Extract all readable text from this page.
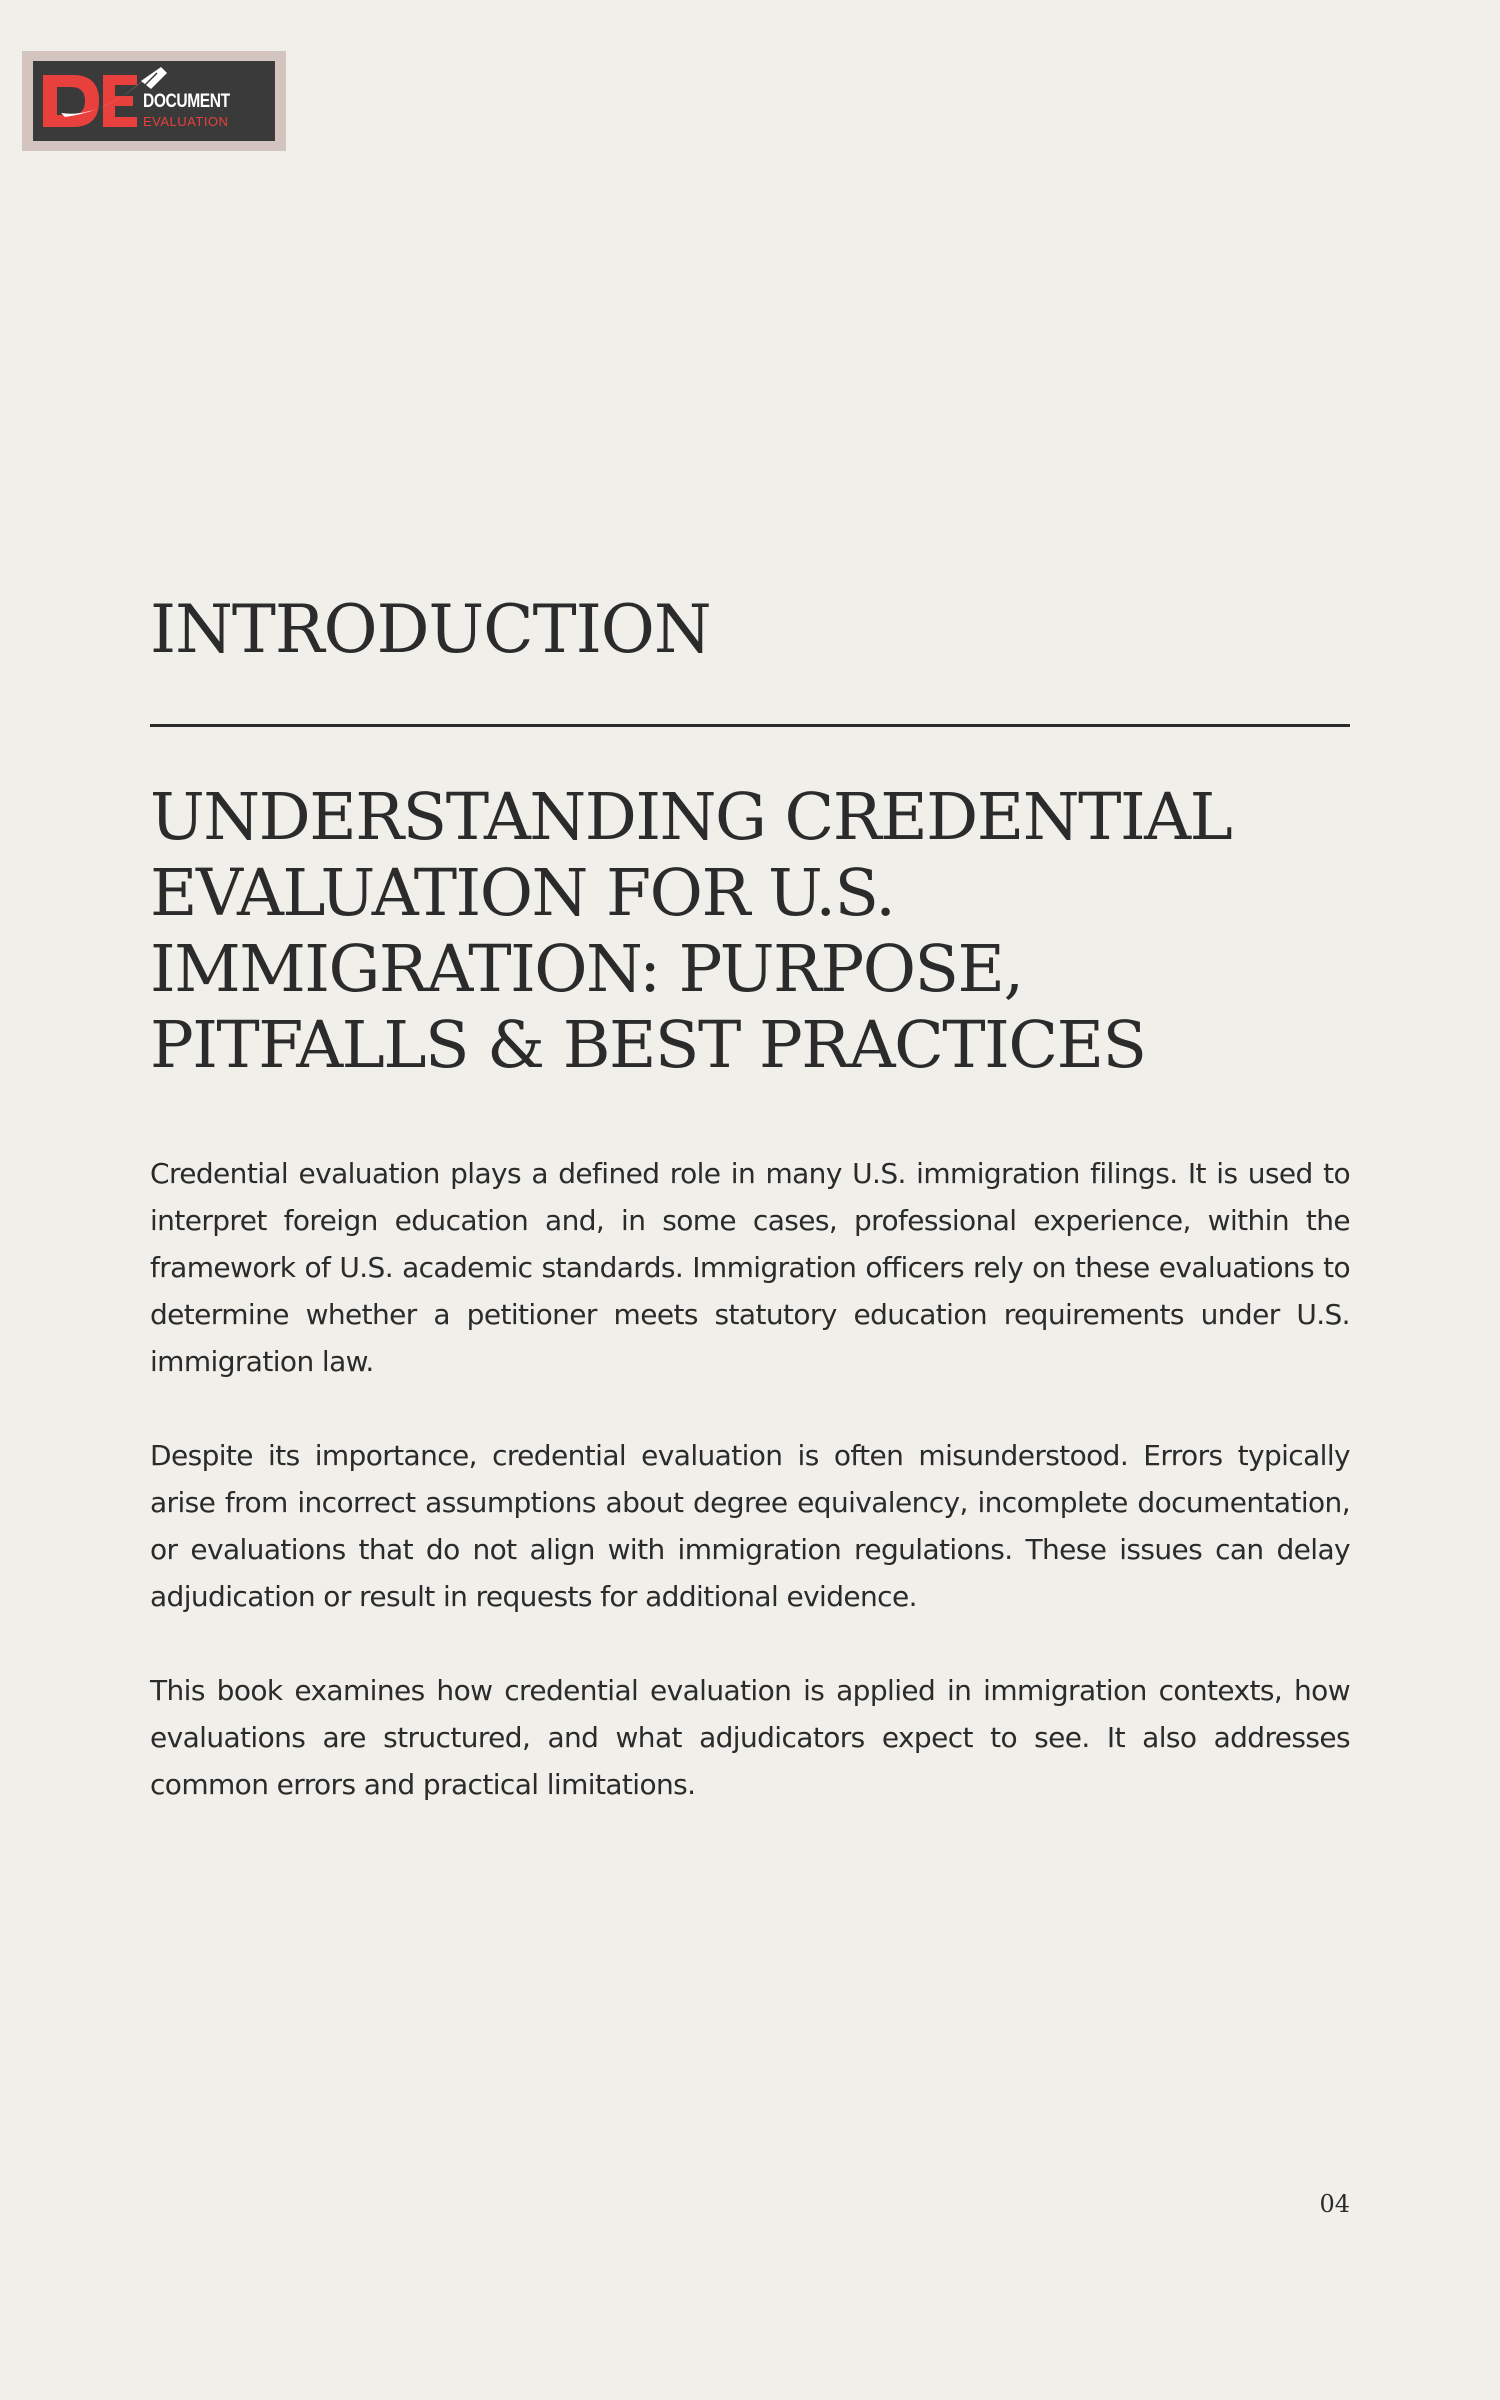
DOCUMENT
EVALUATION
INTRODUCTION
UNDERSTANDING CREDENTIAL EVALUATION FOR U.S. IMMIGRATION: PURPOSE, PITFALLS & BEST PRACTICES

Credential evaluation plays a defined role in many U.S. immigration filings. It is used to interpret foreign education and, in some cases, professional experience, within the framework of U.S. academic standards. Immigration officers rely on these evaluations to determine whether a petitioner meets statutory education requirements under U.S. immigration law.

Despite its importance, credential evaluation is often misunderstood. Errors typically arise from incorrect assumptions about degree equivalency, incomplete documentation, or evaluations that do not align with immigration regulations. These issues can delay adjudication or result in requests for additional evidence.

This book examines how credential evaluation is applied in immigration contexts, how evaluations are structured, and what adjudicators expect to see. It also addresses common errors and practical limitations.

04
